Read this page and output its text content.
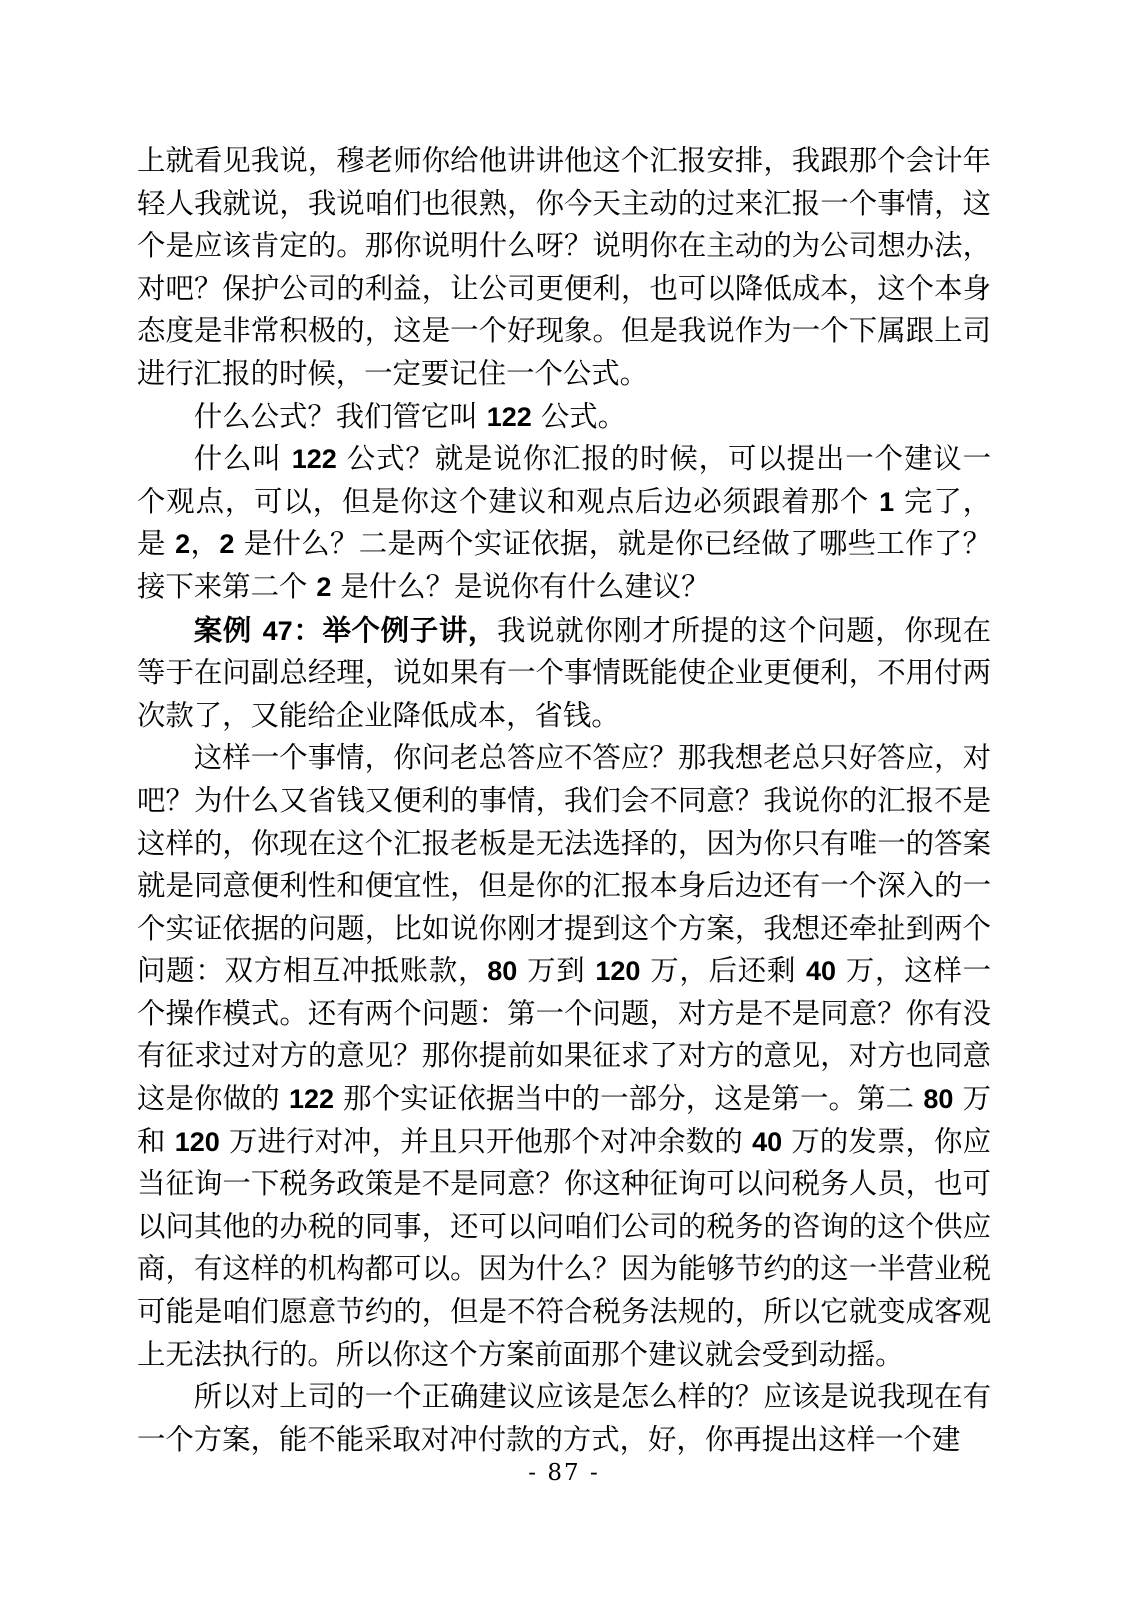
上就看见我说，穆老师你给他讲讲他这个汇报安排，我跟那个会计年轻人我就说，我说咱们也很熟，你今天主动的过来汇报一个事情，这个是应该肯定的。那你说明什么呀？说明你在主动的为公司想办法，对吧？保护公司的利益，让公司更便利，也可以降低成本，这个本身态度是非常积极的，这是一个好现象。但是我说作为一个下属跟上司进行汇报的时候，一定要记住一个公式。

什么公式？我们管它叫 122 公式。

什么叫 122 公式？就是说你汇报的时候，可以提出一个建议一个观点，可以，但是你这个建议和观点后边必须跟着那个 1 完了，是 2，2 是什么？二是两个实证依据，就是你已经做了哪些工作了？接下来第二个 2 是什么？是说你有什么建议？

案例 47：举个例子讲，我说就你刚才所提的这个问题，你现在等于在问副总经理，说如果有一个事情既能使企业更便利，不用付两次款了，又能给企业降低成本，省钱。

这样一个事情，你问老总答应不答应？那我想老总只好答应，对吧？为什么又省钱又便利的事情，我们会不同意？我说你的汇报不是这样的，你现在这个汇报老板是无法选择的，因为你只有唯一的答案就是同意便利性和便宜性，但是你的汇报本身后边还有一个深入的一个实证依据的问题，比如说你刚才提到这个方案，我想还牵扯到两个问题：双方相互冲抵账款，80 万到 120 万，后还剩 40 万，这样一个操作模式。还有两个问题：第一个问题，对方是不是同意？你有没有征求过对方的意见？那你提前如果征求了对方的意见，对方也同意这是你做的 122 那个实证依据当中的一部分，这是第一。第二 80 万和 120 万进行对冲，并且只开他那个对冲余数的 40 万的发票，你应当征询一下税务政策是不是同意？你这种征询可以问税务人员，也可以问其他的办税的同事，还可以问咱们公司的税务的咨询的这个供应商，有这样的机构都可以。因为什么？因为能够节约的这一半营业税可能是咱们愿意节约的，但是不符合税务法规的，所以它就变成客观上无法执行的。所以你这个方案前面那个建议就会受到动摇。

所以对上司的一个正确建议应该是怎么样的？应该是说我现在有一个方案，能不能采取对冲付款的方式，好，你再提出这样一个建

- 87 -
